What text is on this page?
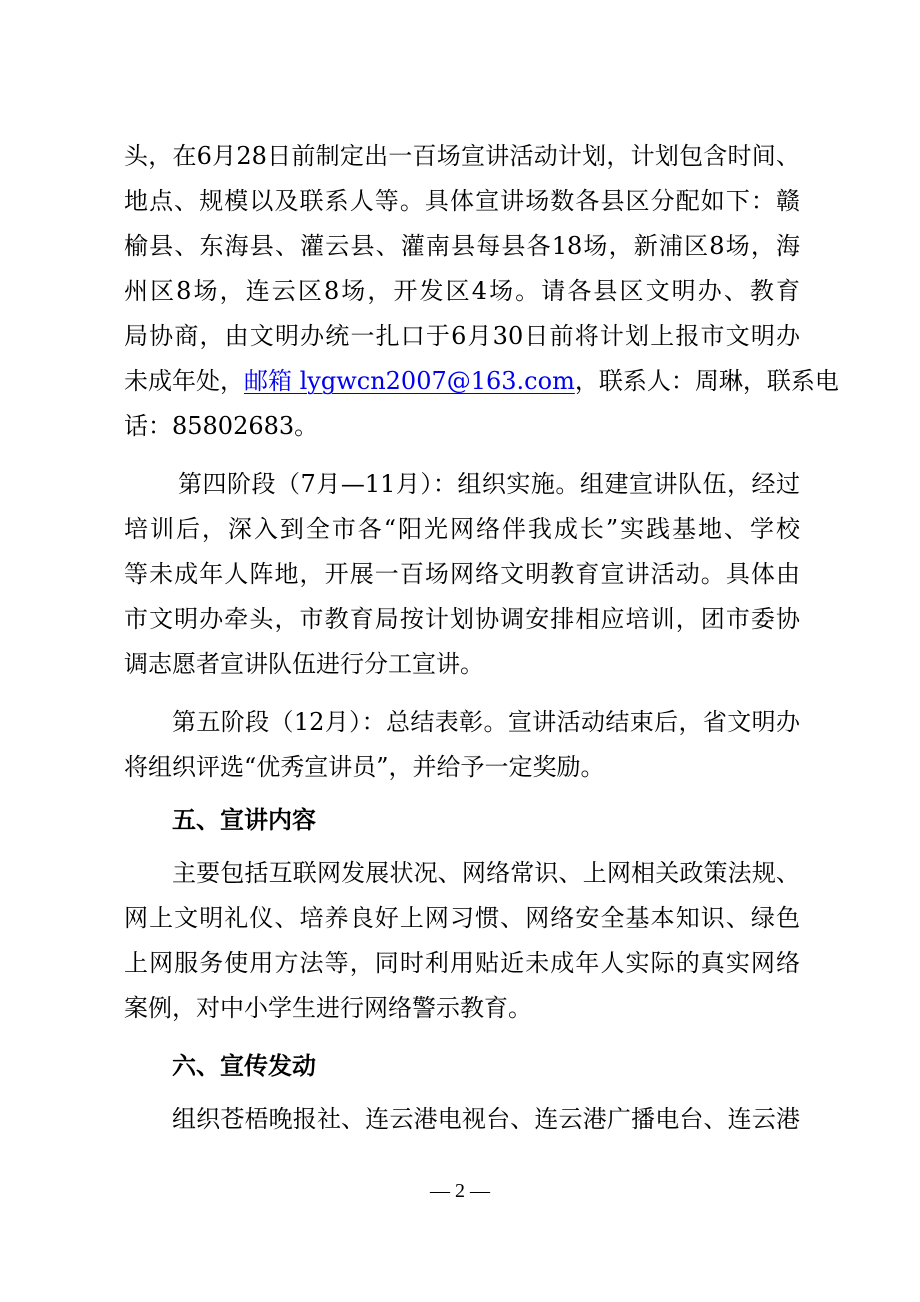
头，在6月28日前制定出一百场宣讲活动计划，计划包含时间、
地点、规模以及联系人等。具体宣讲场数各县区分配如下：赣
榆县、东海县、灌云县、灌南县每县各18场，新浦区8场，海
州区8场，连云区8场，开发区4场。请各县区文明办、教育
局协商，由文明办统一扎口于6月30日前将计划上报市文明办
未成年处，邮箱 lygwcn2007@163.com，联系人：周琳，联系电
话：85802683。
第四阶段（7月—11月）：组织实施。组建宣讲队伍，经过
培训后，深入到全市各“阳光网络伴我成长”实践基地、学校
等未成年人阵地，开展一百场网络文明教育宣讲活动。具体由
市文明办牵头，市教育局按计划协调安排相应培训，团市委协
调志愿者宣讲队伍进行分工宣讲。
第五阶段（12月）：总结表彰。宣讲活动结束后，省文明办
将组织评选“优秀宣讲员”，并给予一定奖励。
五、宣讲内容
主要包括互联网发展状况、网络常识、上网相关政策法规、
网上文明礼仪、培养良好上网习惯、网络安全基本知识、绿色
上网服务使用方法等，同时利用贴近未成年人实际的真实网络
案例，对中小学生进行网络警示教育。
六、宣传发动
组织苍梧晚报社、连云港电视台、连云港广播电台、连云港
— 2 —
